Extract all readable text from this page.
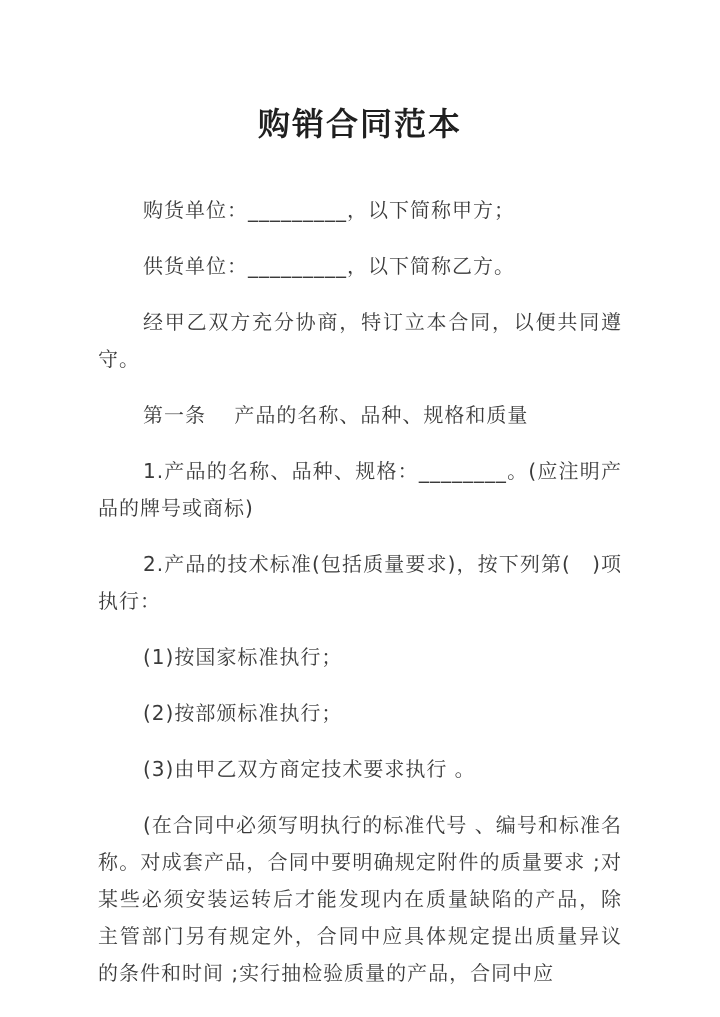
购销合同范本

购货单位：_________，以下简称甲方；

供货单位：_________，以下简称乙方。

经甲乙双方充分协商，特订立本合同，以便共同遵守。

第一条　 产品的名称、品种、规格和质量

1.产品的名称、品种、规格：________。(应注明产品的牌号或商标)

2.产品的技术标准(包括质量要求)，按下列第(　)项执行：

(1)按国家标准执行；

(2)按部颁标准执行；

(3)由甲乙双方商定技术要求执行 。

(在合同中必须写明执行的标准代号 、编号和标准名称。对成套产品，合同中要明确规定附件的质量要求 ;对某些必须安装运转后才能发现内在质量缺陷的产品，除主管部门另有规定外，合同中应具体规定提出质量异议的条件和时间 ;实行抽检验质量的产品，合同中应
